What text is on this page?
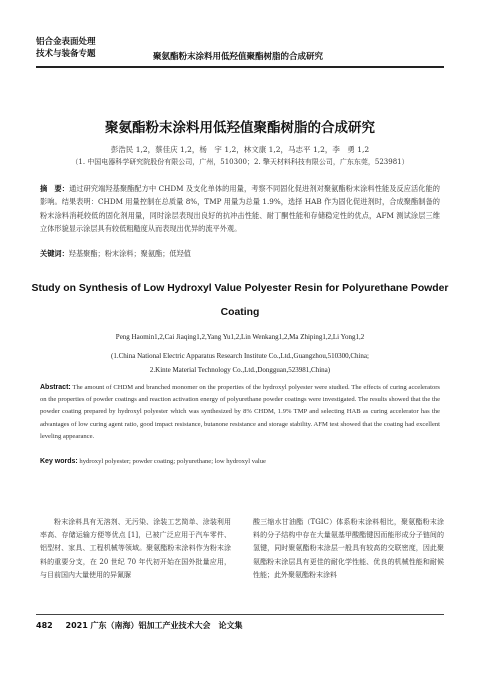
铝合金表面处理
技术与装备专题	聚氨酯粉末涂料用低羟值聚酯树脂的合成研究
聚氨酯粉末涂料用低羟值聚酯树脂的合成研究
彭浩民 1,2，蔡佳庆 1,2，杨　宇 1,2，林文康 1,2，马志平 1,2，李　勇 1,2
（1. 中国电器科学研究院股份有限公司，广州，510300；2. 擎天材料科技有限公司，广东东莞，523981）
摘　要：通过研究端羟基聚酯配方中 CHDM 及支化单体的用量，考察不同固化促进剂对聚氨酯粉末涂料性能及反应活化能的影响。结果表明：CHDM 用量控制在总质量 8%，TMP 用量为总量 1.9%，选择 HAB 作为固化促进剂时，合成聚酯制备的粉末涂料消耗较低的固化剂用量，同时涂层表现出良好的抗冲击性能、耐丁酮性能和存储稳定性的优点，AFM 测试涂层三维立体形貌显示涂层具有较低粗糙度从而表现出优异的流平外观。
关键词：羟基聚酯；粉末涂料；聚氨酯；低羟值
Study on Synthesis of Low Hydroxyl Value Polyester Resin for Polyurethane Powder
Coating
Peng Haomin1,2,Cai Jiaqing1,2,Yang Yu1,2,Lin Wenkang1,2,Ma Zhiping1,2,Li Yong1,2
(1.China National Electric Apparatus Research Institute Co.,Ltd.,Guangzhou,510300,China;
2.Kinte Material Technology Co.,Ltd.,Dongguan,523981,China)
Abstract: The amount of CHDM and branched monomer on the properties of the hydroxyl polyester were studied. The effects of curing accelerators on the properties of powder coatings and reaction activation energy of polyurethane powder coatings were investigated. The results showed that the the powder coating prepared by hydroxyl polyester which was synthesized by 8% CHDM, 1.9% TMP and selecting HAB as curing accelerator has the advantages of low curing agent ratio, good impact resistance, butanone resistance and storage stability. AFM test showed that the coating had excellent leveling appearance.
Key words: hydroxyl polyester; powder coating; polyurethane; low hydroxyl value
粉末涂料具有无溶剂、无污染、涂装工艺简单、涂装利用率高、存储运输方便等优点 [1]，已被广泛应用于汽车零件、铝型材、家具、工程机械等领域。聚氨酯粉末涂料作为粉末涂料的重要分支，在 20 世纪 70 年代初开始在国外批量应用，与目前国内大量使用的异氰脲
酸三缩水甘油酯（TGIC）体系粉末涂料相比，聚氨酯粉末涂料的分子结构中存在大量氨基甲酸酯键因而能形成分子链间的氢键，同时聚氨酯粉末涂层一般具有较高的交联密度，因此聚氨酯粉末涂层具有更佳的耐化学性能、优良的机械性能和耐候性能；此外聚氨酯粉末涂料
482 2021 广东（南海）铝加工产业技术大会　论文集
